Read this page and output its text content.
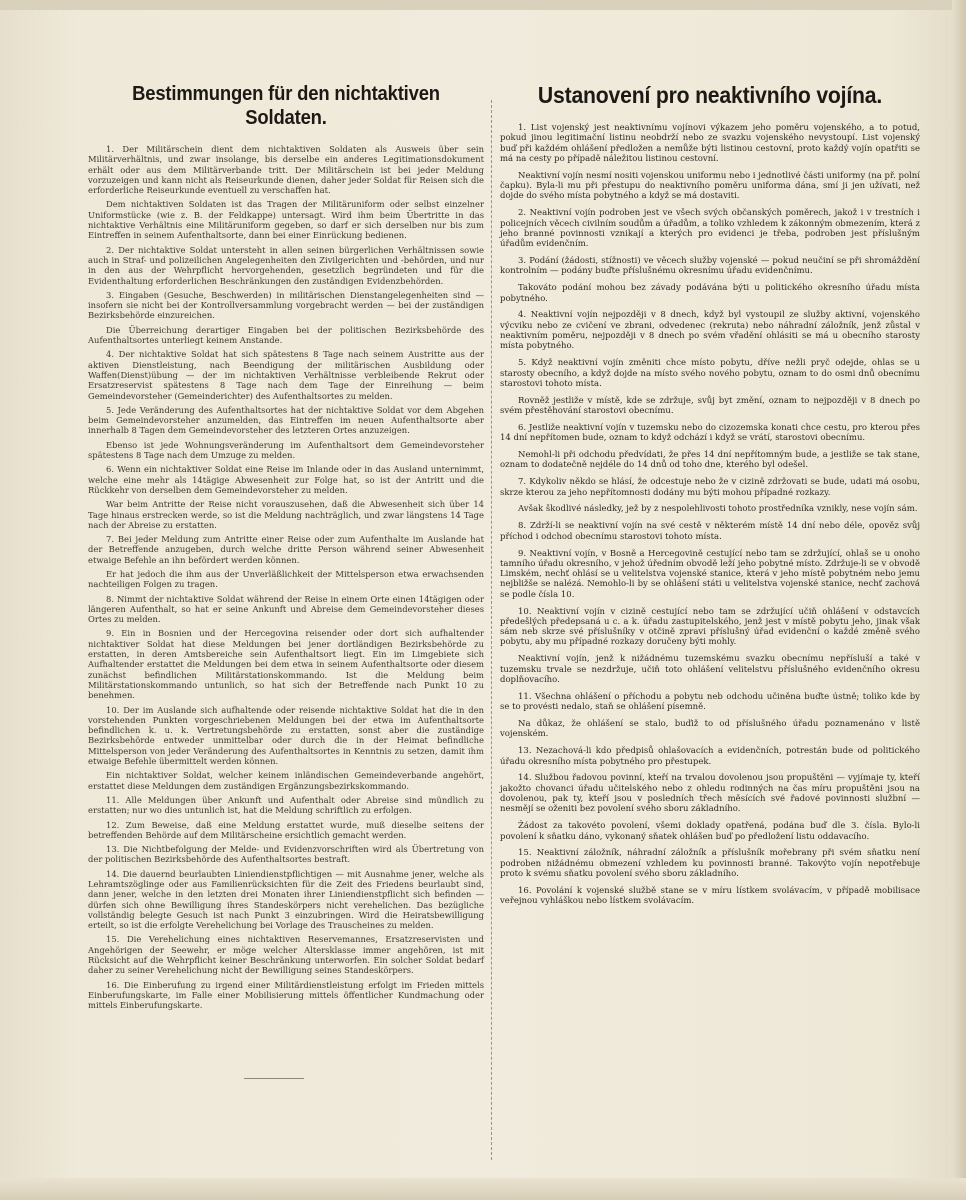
Bestimmungen für den nichtaktiven Soldaten.

1. Der Militärschein dient dem nichtaktiven Soldaten als Ausweis über sein Militärverhältnis, und zwar insolange, bis derselbe ein anderes Legitimationsdokument erhält oder aus dem Militärverbande tritt. Der Militärschein ist bei jeder Meldung vorzuzeigen und kann nicht als Reiseurkunde dienen, daher jeder Soldat für Reisen sich die erforderliche Reiseurkunde eventuell zu verschaffen hat.

Dem nichtaktiven Soldaten ist das Tragen der Militäruniform oder selbst einzelner Uniformstücke (wie z. B. der Feldkappe) untersagt. Wird ihm beim Übertritte in das nichtaktive Verhältnis eine Militäruniform gegeben, so darf er sich derselben nur bis zum Eintreffen in seinem Aufenthaltsorte, dann bei einer Einrückung bedienen.

2. Der nichtaktive Soldat untersteht in allen seinen bürgerlichen Verhältnissen sowie auch in Straf- und polizeilichen Angelegenheiten den Zivilgerichten und -behörden, und nur in den aus der Wehrpflicht hervorgehenden, gesetzlich begründeten und für die Evidenthaltung erforderlichen Beschränkungen den zuständigen Evidenzbehörden.

3. Eingaben (Gesuche, Beschwerden) in militärischen Dienstangelegenheiten sind — insofern sie nicht bei der Kontrollversammlung vorgebracht werden — bei der zuständigen Bezirksbehörde einzureichen.

Die Überreichung derartiger Eingaben bei der politischen Bezirksbehörde des Aufenthaltsortes unterliegt keinem Anstande.

4. Der nichtaktive Soldat hat sich spätestens 8 Tage nach seinem Austritte aus der aktiven Dienstleistung, nach Beendigung der militärischen Ausbildung oder Waffen(Dienst)übung — der im nichtaktiven Verhältnisse verbleibende Rekrut oder Ersatzreservist spätestens 8 Tage nach dem Tage der Einreihung — beim Gemeindevorsteher (Gemeinderichter) des Aufenthaltsortes zu melden.

5. Jede Veränderung des Aufenthaltsortes hat der nichtaktive Soldat vor dem Abgehen beim Gemeindevorsteher anzumelden, das Eintreffen im neuen Aufenthaltsorte aber innerhalb 8 Tagen dem Gemeindevorsteher des letzteren Ortes anzuzeigen.

Ebenso ist jede Wohnungsveränderung im Aufenthaltsort dem Gemeindevorsteher spätestens 8 Tage nach dem Umzuge zu melden.

6. Wenn ein nichtaktiver Soldat eine Reise im Inlande oder in das Ausland unternimmt, welche eine mehr als 14tägige Abwesenheit zur Folge hat, so ist der Antritt und die Rückkehr von derselben dem Gemeindevorsteher zu melden.

War beim Antritte der Reise nicht vorauszusehen, daß die Abwesenheit sich über 14 Tage hinaus erstrecken werde, so ist die Meldung nachträglich, und zwar längstens 14 Tage nach der Abreise zu erstatten.

7. Bei jeder Meldung zum Antritte einer Reise oder zum Aufenthalte im Auslande hat der Betreffende anzugeben, durch welche dritte Person während seiner Abwesenheit etwaige Befehle an ihn befördert werden können.

Er hat jedoch die ihm aus der Unverläßlichkeit der Mittelsperson etwa erwachsenden nachteiligen Folgen zu tragen.

8. Nimmt der nichtaktive Soldat während der Reise in einem Orte einen 14tägigen oder längeren Aufenthalt, so hat er seine Ankunft und Abreise dem Gemeindevorsteher dieses Ortes zu melden.

9. Ein in Bosnien und der Hercegovina reisender oder dort sich aufhaltender nichtaktiver Soldat hat diese Meldungen bei jener dortländigen Bezirksbehörde zu erstatten, in deren Amtsbereiche sein Aufenthaltsort liegt. Ein im Limgebiete sich Aufhaltender erstattet die Meldungen bei dem etwa in seinem Aufenthaltsorte oder diesem zunächst befindlichen Militärstationskommando. Ist die Meldung beim Militärstationskommando untunlich, so hat sich der Betreffende nach Punkt 10 zu benehmen.

10. Der im Auslande sich aufhaltende oder reisende nichtaktive Soldat hat die in den vorstehenden Punkten vorgeschriebenen Meldungen bei der etwa im Aufenthaltsorte befindlichen k. u. k. Vertretungsbehörde zu erstatten, sonst aber die zuständige Bezirksbehörde entweder unmittelbar oder durch die in der Heimat befindliche Mittelsperson von jeder Veränderung des Aufenthaltsortes in Kenntnis zu setzen, damit ihm etwaige Befehle übermittelt werden können.

Ein nichtaktiver Soldat, welcher keinem inländischen Gemeindeverbande angehört, erstattet diese Meldungen dem zuständigen Ergänzungsbezirkskommando.

11. Alle Meldungen über Ankunft und Aufenthalt oder Abreise sind mündlich zu erstatten; nur wo dies untunlich ist, hat die Meldung schriftlich zu erfolgen.

12. Zum Beweise, daß eine Meldung erstattet wurde, muß dieselbe seitens der betreffenden Behörde auf dem Militärscheine ersichtlich gemacht werden.

13. Die Nichtbefolgung der Melde- und Evidenzvorschriften wird als Übertretung von der politischen Bezirksbehörde des Aufenthaltsortes bestraft.

14. Die dauernd beurlaubten Liniendienstpflichtigen — mit Ausnahme jener, welche als Lehramtszöglinge oder aus Familienrücksichten für die Zeit des Friedens beurlaubt sind, dann jener, welche in den letzten drei Monaten ihrer Liniendienstpflicht sich befinden — dürfen sich ohne Bewilligung ihres Standeskörpers nicht verehelichen. Das bezügliche vollständig belegte Gesuch ist nach Punkt 3 einzubringen. Wird die Heiratsbewilligung erteilt, so ist die erfolgte Verehelichung bei Vorlage des Trauscheines zu melden.

15. Die Verehelichung eines nichtaktiven Reservemannes, Ersatzreservisten und Angehörigen der Seewehr, er möge welcher Altersklasse immer angehören, ist mit Rücksicht auf die Wehrpflicht keiner Beschränkung unterworfen. Ein solcher Soldat bedarf daher zu seiner Verehelichung nicht der Bewilligung seines Standeskörpers.

16. Die Einberufung zu irgend einer Militärdienstleistung erfolgt im Frieden mittels Einberufungskarte, im Falle einer Mobilisierung mittels öffentlicher Kundmachung oder mittels Einberufungskarte.

Ustanovení pro neaktivního vojína.

1. List vojenský jest neaktivnímu vojínovi výkazem jeho poměru vojenského, a to potud, pokud jinou legitimační listinu neobdrží nebo ze svazku vojenského nevystoupí. List vojenský buď při každém ohlášení předložen a nemůže býti listinou cestovní, proto každý vojín opatřiti se má na cesty po případě náležitou listinou cestovní.

Neaktivní vojín nesmí nositi vojenskou uniformu nebo i jednotlivé části uniformy (na př. polní čapku). Byla-li mu při přestupu do neaktivního poměru uniforma dána, smí ji jen užívati, než dojde do svého místa pobytného a když se má dostaviti.

2. Neaktivní vojín podroben jest ve všech svých občanských poměrech, jakož i v trestních i policejních věcech civilním soudům a úřadům, a toliko vzhledem k zákonným obmezením, která z jeho branné povinnosti vznikají a kterých pro evidenci je třeba, podroben jest příslušným úřadům evidenčním.

3. Podání (žádosti, stížnosti) ve věcech služby vojenské — pokud neučiní se při shromáždění kontrolním — podány buďte příslušnému okresnímu úřadu evidenčnímu.

Takováto podání mohou bez závady podávána býti u politického okresního úřadu místa pobytného.

4. Neaktivní vojín nejpozději v 8 dnech, když byl vystoupil ze služby aktivní, vojenského výcviku nebo ze cvičení ve zbrani, odvedenec (rekruta) nebo náhradní záložník, jenž zůstal v neaktivním poměru, nejpozději v 8 dnech po svém vřadění ohlásiti se má u obecního starosty místa pobytného.

5. Když neaktivní vojín změniti chce místo pobytu, dříve nežli pryč odejde, ohlas se u starosty obecního, a když dojde na místo svého nového pobytu, oznam to do osmi dnů obecnímu starostovi tohoto místa.

Rovněž jestliže v místě, kde se zdržuje, svůj byt změní, oznam to nejpozději v 8 dnech po svém přestěhování starostovi obecnímu.

6. Jestliže neaktivní vojín v tuzemsku nebo do cizozemska konati chce cestu, pro kterou přes 14 dní nepřítomen bude, oznam to když odchází i když se vrátí, starostovi obecnímu.

Nemohl-li při odchodu předvídati, že přes 14 dní nepřítomným bude, a jestliže se tak stane, oznam to dodatečně nejdéle do 14 dnů od toho dne, kterého byl odešel.

7. Kdykoliv někdo se hlásí, že odcestuje nebo že v cizině zdržovati se bude, udati má osobu, skrze kterou za jeho nepřítomnosti dodány mu býti mohou případné rozkazy.

Avšak škodlivé následky, jež by z nespolehlivosti tohoto prostředníka vznikly, nese vojín sám.

8. Zdrží-li se neaktivní vojín na své cestě v některém místě 14 dní nebo déle, opověz svůj příchod i odchod obecnímu starostovi tohoto místa.

9. Neaktivní vojín, v Bosně a Hercegovině cestující nebo tam se zdržující, ohlaš se u onoho tamního úřadu okresního, v jehož úředním obvodě leží jeho pobytné místo. Zdržuje-li se v obvodě Limském, nechť ohlásí se u velitelstva vojenské stanice, která v jeho místě pobytném nebo jemu nejbližše se nalézá. Nemohlo-li by se ohlášení státi u velitelstva vojenské stanice, nechť zachová se podle čísla 10.

10. Neaktivní vojín v cizině cestující nebo tam se zdržující učiň ohlášení v odstavcích předešlých předepsaná u c. a k. úřadu zastupitelského, jenž jest v místě pobytu jeho, jinak však sám neb skrze své příslušníky v otčině zpravi příslušný úřad evidenční o každé změně svého pobytu, aby mu případné rozkazy doručeny býti mohly.

Neaktivní vojín, jenž k nižádnému tuzemskému svazku obecnímu nepřísluší a také v tuzemsku trvale se nezdržuje, učiň toto ohlášení velitelstvu příslušného evidenčního okresu doplňovacího.

11. Všechna ohlášení o příchodu a pobytu neb odchodu učiněna buďte ústně; toliko kde by se to provésti nedalo, staň se ohlášení písemně.

Na důkaz, že ohlášení se stalo, buďiž to od příslušného úřadu poznamenáno v listě vojenském.

13. Nezachová-li kdo předpisů ohlašovacích a evidenčních, potrestán bude od politického úřadu okresního místa pobytného pro přestupek.

14. Službou řadovou povinní, kteří na trvalou dovolenou jsou propuštěni — vyjímaje ty, kteří jakožto chovanci úřadu učitelského nebo z ohledu rodinných na čas míru propuštěni jsou na dovolenou, pak ty, kteří jsou v posledních třech měsících své řadové povinnosti službní — nesmějí se oženiti bez povolení svého sboru základního.

Žádost za takovéto povolení, všemi doklady opatřená, podána buď dle 3. čísla. Bylo-li povolení k sňatku dáno, vykonaný sňatek ohlášen buď po předložení listu oddavacího.

15. Neaktivní záložník, náhradní záložník a příslušník mořebrany při svém sňatku není podroben nižádnému obmezení vzhledem ku povinnosti branné. Takovýto vojín nepotřebuje proto k svému sňatku povolení svého sboru základního.

16. Povolání k vojenské službě stane se v míru lístkem svolávacím, v případě mobilisace veřejnou vyhláškou nebo lístkem svolávacím.
